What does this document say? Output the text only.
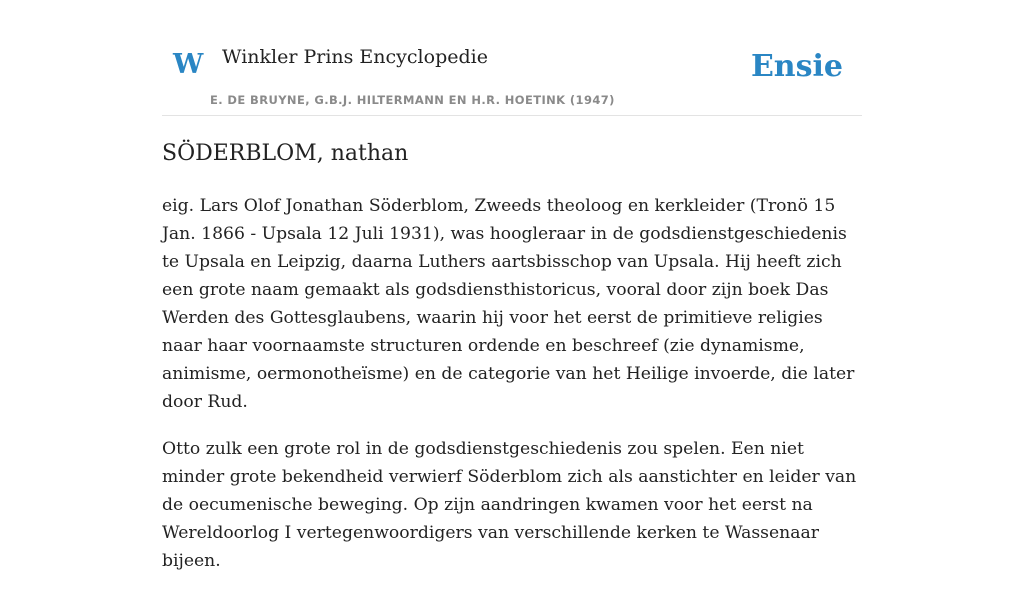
W Winkler Prins Encyclopedie
E. DE BRUYNE, G.B.J. HILTERMANN EN H.R. HOETINK (1947)
Ensie
SÖDERBLOM, nathan

eig. Lars Olof Jonathan Söderblom, Zweeds theoloog en kerkleider (Tronö 15 Jan. 1866 - Upsala 12 Juli 1931), was hoogleraar in de godsdienstgeschiedenis te Upsala en Leipzig, daarna Luthers aartsbisschop van Upsala. Hij heeft zich een grote naam gemaakt als godsdiensthistoricus, vooral door zijn boek Das Werden des Gottesglaubens, waarin hij voor het eerst de primitieve religies naar haar voornaamste structuren ordende en beschreef (zie dynamisme, animisme, oermonotheïsme) en de categorie van het Heilige invoerde, die later door Rud.

Otto zulk een grote rol in de godsdienstgeschiedenis zou spelen. Een niet minder grote bekendheid verwierf Söderblom zich als aanstichter en leider van de oecumenische beweging. Op zijn aandringen kwamen voor het eerst na Wereldoorlog I vertegenwoordigers van verschillende kerken te Wassenaar bijeen.
